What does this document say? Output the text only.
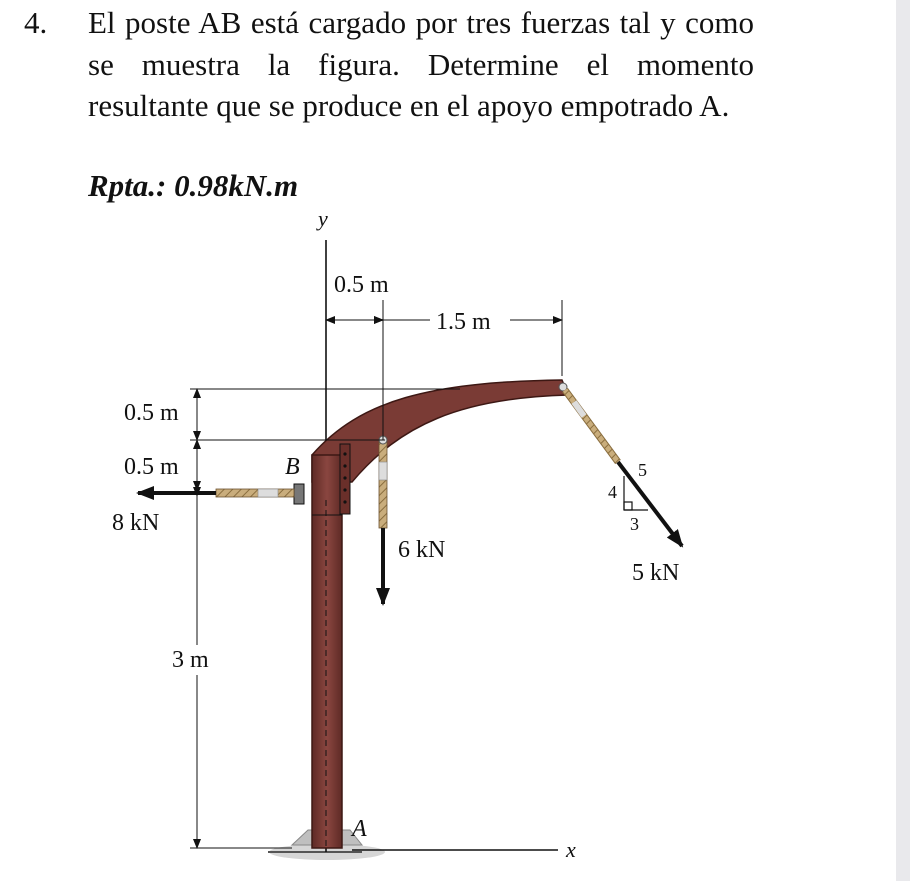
4. El poste AB está cargado por tres fuerzas tal y como se muestra la figura. Determine el momento resultante que se produce en el apoyo empotrado A.
Rpta.: 0.98kN.m
y
x
B
A
8 kN
6 kN
5 kN
5
4
3
0.5 m
1.5 m
0.5 m
0.5 m
3 m
